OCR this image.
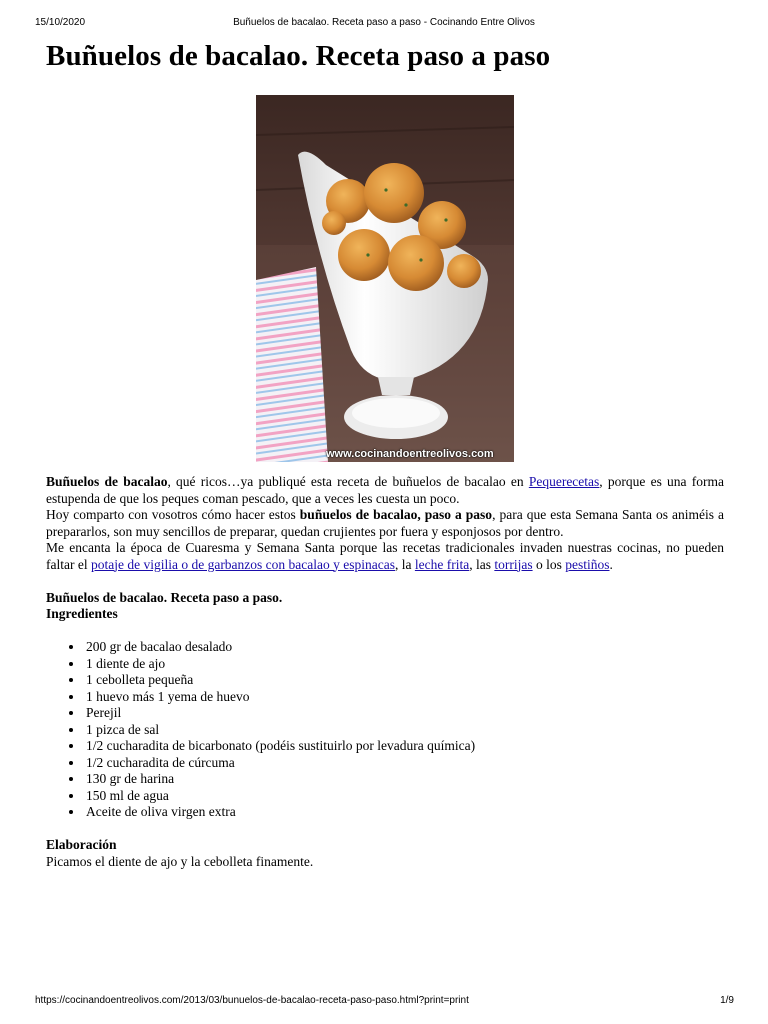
15/10/2020	Buñuelos de bacalao. Receta paso a paso - Cocinando Entre Olivos
Buñuelos de bacalao. Receta paso a paso
www.cocinandoentreolivos.com

Buñuelos de bacalao, qué ricos…ya publiqué esta receta de buñuelos de bacalao en Pequerecetas, porque es una forma estupenda de que los peques coman pescado, que a veces les cuesta un poco.

Hoy comparto con vosotros cómo hacer estos buñuelos de bacalao, paso a paso, para que esta Semana Santa os animéis a prepararlos, son muy sencillos de preparar, quedan crujientes por fuera y esponjosos por dentro.

Me encanta la época de Cuaresma y Semana Santa porque las recetas tradicionales invaden nuestras cocinas, no pueden faltar el potaje de vigilia o de garbanzos con bacalao y espinacas, la leche frita, las torrijas o los pestiños.

Buñuelos de bacalao. Receta paso a paso.
Ingredientes
• 200 gr de bacalao desalado
• 1 diente de ajo
• 1 cebolleta pequeña
• 1 huevo más 1 yema de huevo
• Perejil
• 1 pizca de sal
• 1/2 cucharadita de bicarbonato (podéis sustituirlo por levadura química)
• 1/2 cucharadita de cúrcuma
• 130 gr de harina
• 150 ml de agua
• Aceite de oliva virgen extra
Elaboración

Picamos el diente de ajo y la cebolleta finamente.

https://cocinandoentreolivos.com/2013/03/bunuelos-de-bacalao-receta-paso-paso.html?print=print	1/9
